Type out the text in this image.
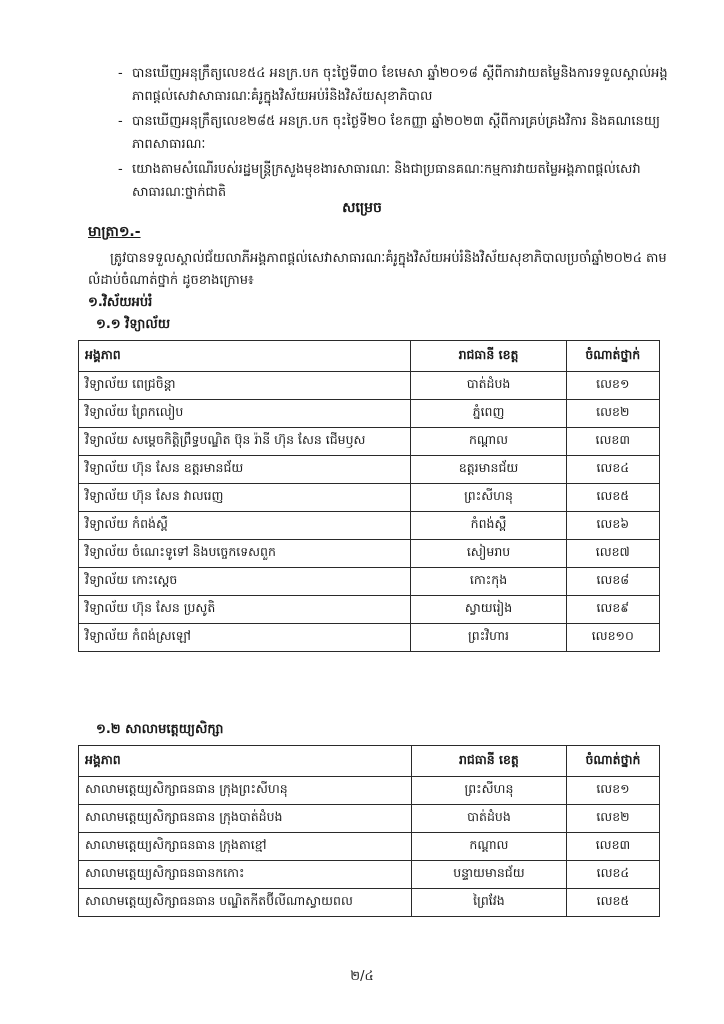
- បានឃើញអនុក្រឹត្យលេខ៥៤ អនក្រ.បក ចុះថ្ងៃទី៣០ ខែមេសា ឆ្នាំ២០១៨ ស្តីពីការវាយតម្លៃនិងការទទួលស្គាល់អង្គភាពផ្តល់សេវាសាធារណៈគំរូក្នុងវិស័យអប់រំនិងវិស័យសុខាភិបាល
- បានឃើញអនុក្រឹត្យលេខ២៨៥ អនក្រ.បក ចុះថ្ងៃទី២០ ខែកញ្ញា ឆ្នាំ២០២៣ ស្តីពីការគ្រប់គ្រងវិការ និងគណនេយ្យភាពសាធារណៈ
- យោងតាមសំណើរបស់រដ្ឋមន្ត្រីក្រសួងមុខងារសាធារណៈ និងជាប្រធានគណៈកម្មការវាយតម្លៃអង្គភាពផ្តល់សេវាសាធារណៈថ្នាក់ជាតិ
សម្រេច
មាត្រា១.-
ត្រូវបានទទួលស្គាល់ជ័យលាភីអង្គភាពផ្តល់សេវាសាធារណៈគំរូក្នុងវិស័យអប់រំនិងវិស័យសុខាភិបាលប្រចាំឆ្នាំ២០២៤ តាមលំដាប់ចំណាត់ថ្នាក់ ដូចខាងក្រោម៖
១.វិស័យអប់រំ
១.១ វិទ្យាល័យ
អង្គភាព	រាជធានី ខេត្ត	ចំណាត់ថ្នាក់
វិទ្យាល័យ ពេជ្រចិន្តា	បាត់ដំបង	លេខ១
វិទ្យាល័យ ព្រែកលៀប	ភ្នំពេញ	លេខ២
វិទ្យាល័យ សម្តេចកិត្តិព្រឹទ្ធបណ្ឌិត ប៊ុន រ៉ានី ហ៊ុន សែន ជើមឫស	កណ្តាល	លេខ៣
វិទ្យាល័យ ហ៊ុន សែន ឧត្តរមានជ័យ	ឧត្តរមានជ័យ	លេខ៤
វិទ្យាល័យ ហ៊ុន សែន វាលរេញ	ព្រះសីហនុ	លេខ៥
វិទ្យាល័យ កំពង់ស្ពឺ	កំពង់ស្ពឺ	លេខ៦
វិទ្យាល័យ ចំណេះទូទៅ និងបច្ចេកទេសពួក	សៀមរាប	លេខ៧
វិទ្យាល័យ កោះស្ដេច	កោះកុង	លេខ៨
វិទ្យាល័យ ហ៊ុន សែន ប្រសូតិ	ស្វាយរៀង	លេខ៩
វិទ្យាល័យ កំពង់ស្រឡៅ	ព្រះវិហារ	លេខ១០
១.២ សាលាមត្តេយ្យសិក្សា
អង្គភាព	រាជធានី ខេត្ត	ចំណាត់ថ្នាក់
សាលាមត្តេយ្យសិក្សាធនធាន ក្រុងព្រះសីហនុ	ព្រះសីហនុ	លេខ១
សាលាមត្តេយ្យសិក្សាធនធាន ក្រុងបាត់ដំបង	បាត់ដំបង	លេខ២
សាលាមត្តេយ្យសិក្សាធនធាន ក្រុងតាខ្មៅ	កណ្តាល	លេខ៣
សាលាមត្តេយ្យសិក្សាធនធានកកោះ	បន្ទាយមានជ័យ	លេខ៤
សាលាមត្តេយ្យសិក្សាធនធាន បណ្ឌិតកីតប៊ីលីណាស្វាយពល	ព្រៃវែង	លេខ៥
២/៤
